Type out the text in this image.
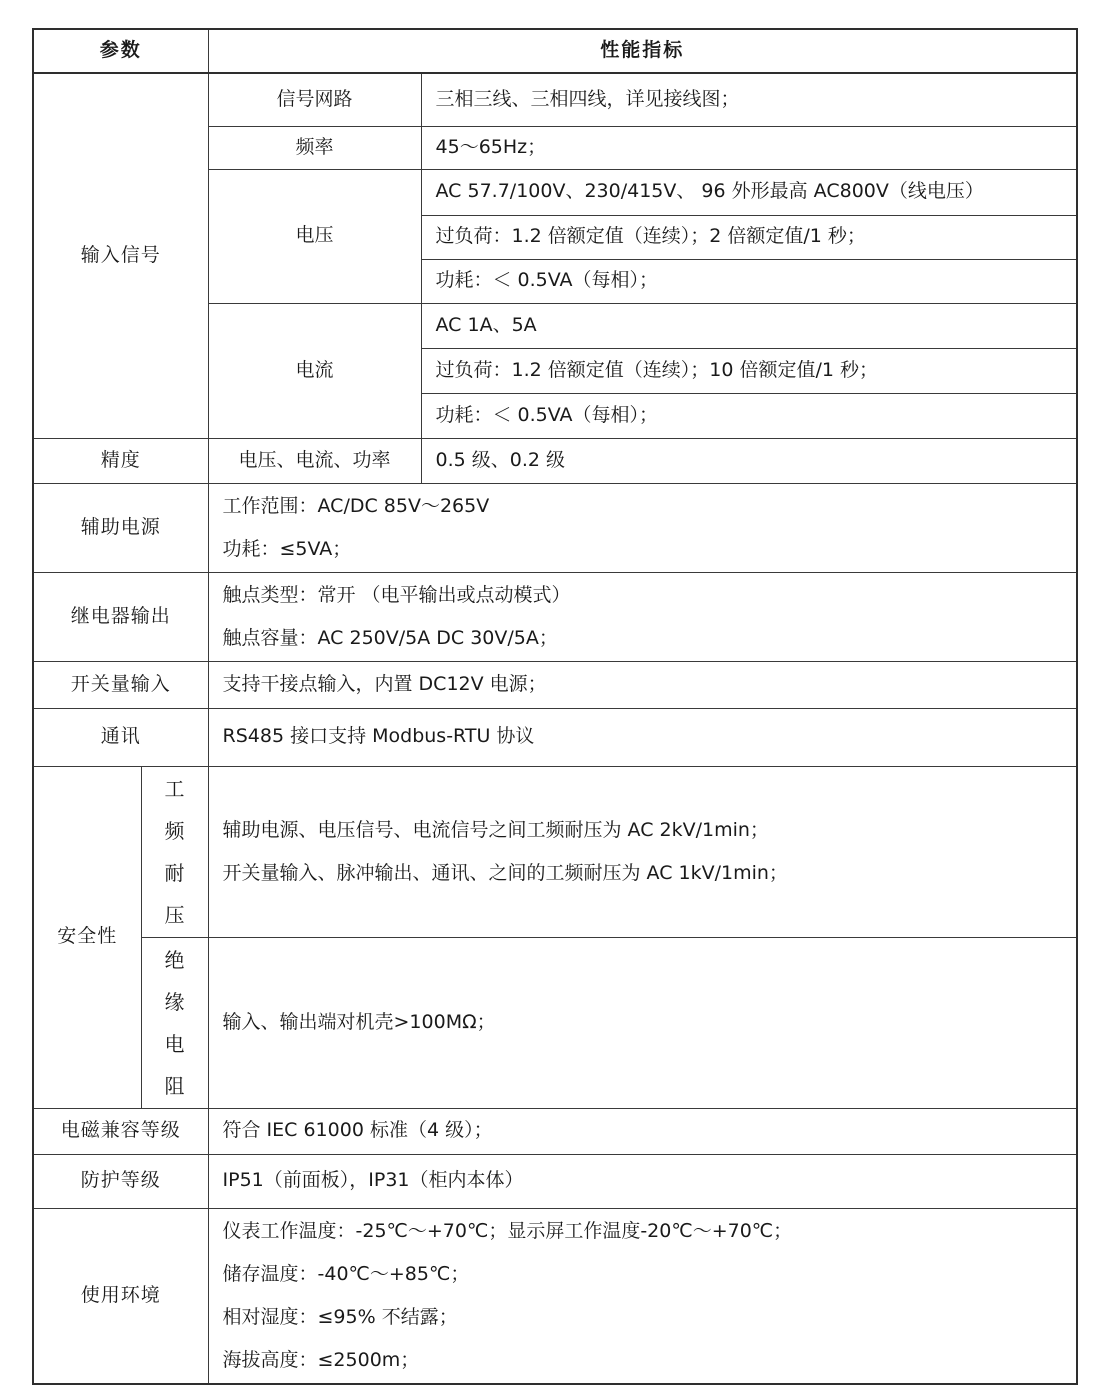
参数		性能指标	
输入信号		信号网路	三相三线、三相四线，详见接线图；
		频率	45～65Hz；
		电压	AC 57.7/100V、230/415V、 96 外形最高 AC800V（线电压）
			过负荷：1.2 倍额定值（连续）；2 倍额定值/1 秒；
			功耗：＜ 0.5VA（每相）；
		电流	AC 1A、5A
			过负荷：1.2 倍额定值（连续）；10 倍额定值/1 秒；
			功耗：＜ 0.5VA（每相）；
精度		电压、电流、功率	0.5 级、0.2 级
辅助电源		工作范围：AC/DC 85V～265V
功耗：≤5VA；	

继电器输出		触点类型：常开 （电平输出或点动模式）
触点容量：AC 250V/5A DC 30V/5A；	

开关量输入		支持干接点输入，内置 DC12V 电源；	
通讯		RS485 接口支持 Modbus-RTU 协议	
安全性	工频耐压	辅助电源、电压信号、电流信号之间工频耐压为 AC 2kV/1min；
开关量输入、脉冲输出、通讯、之间的工频耐压为 AC 1kV/1min；	

	绝缘电阻	输入、输出端对机壳>100MΩ；	
电磁兼容等级		符合 IEC 61000 标准（4 级）；	
防护等级		IP51（前面板），IP31（柜内本体）	
使用环境		仪表工作温度：-25℃～+70℃；显示屏工作温度-20℃～+70℃；
储存温度：-40℃～+85℃；
相对湿度：≤95% 不结露；
海拔高度：≤2500m；	
